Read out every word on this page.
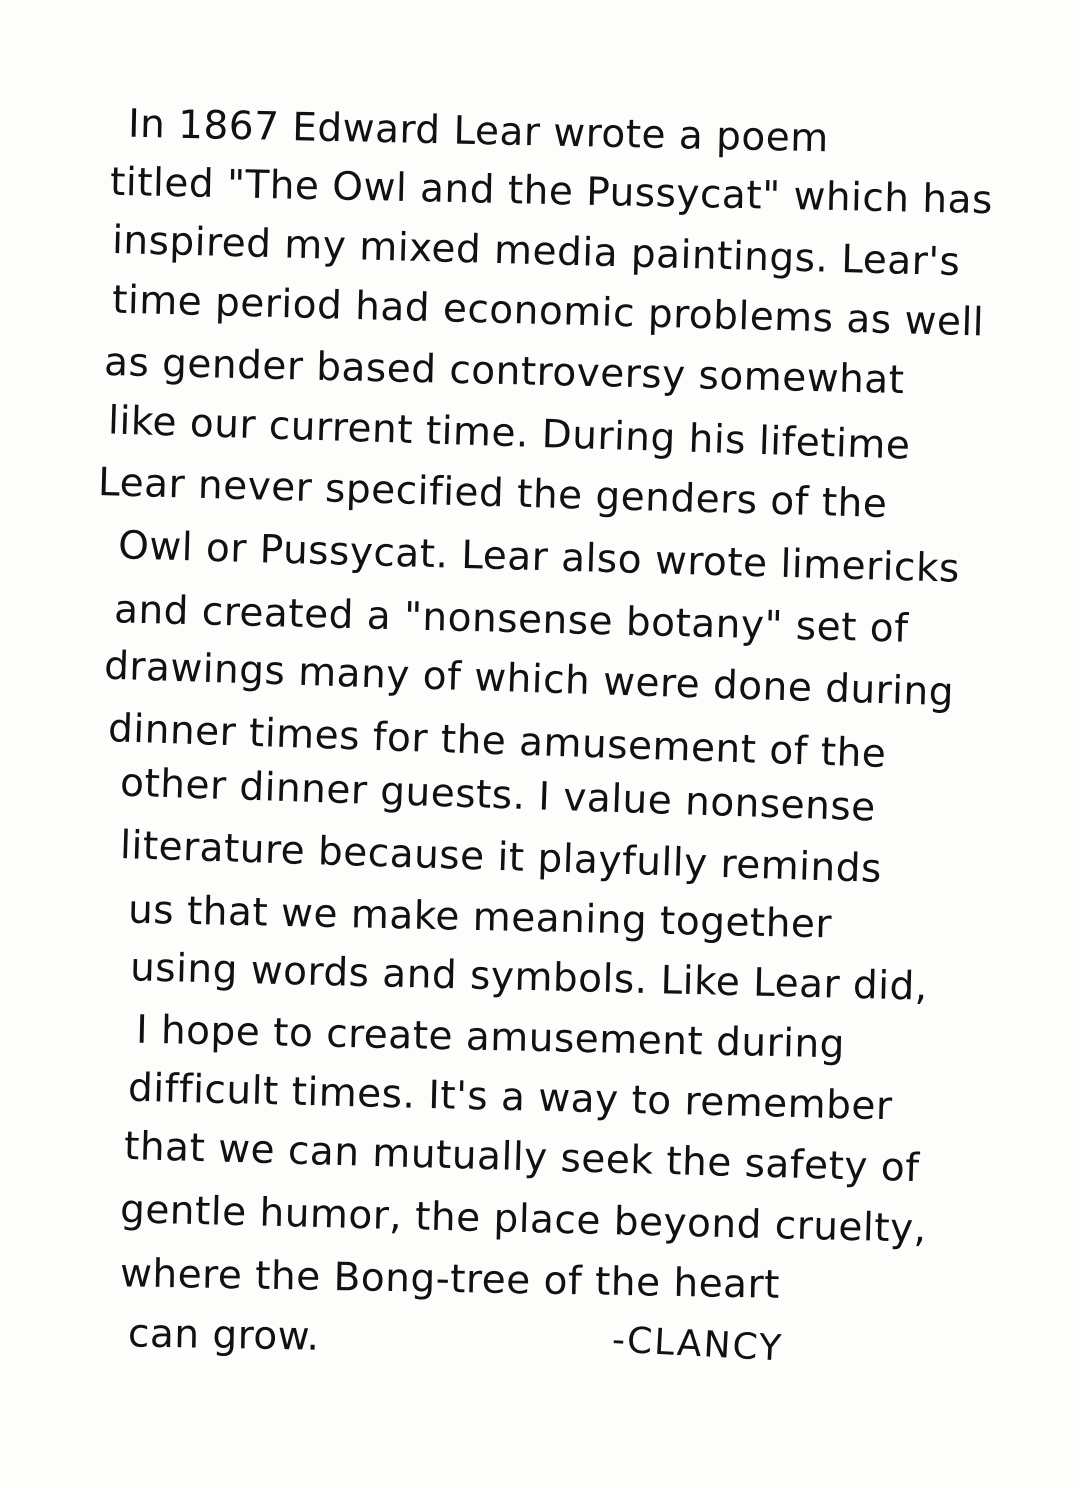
In 1867 Edward Lear wrote a poem
titled "The Owl and the Pussycat" which has
inspired my mixed media paintings. Lear's
time period had economic problems as well
as gender based controversy somewhat
like our current time. During his lifetime
Lear never specified the genders of the
Owl or Pussycat. Lear also wrote limericks
and created a "nonsense botany" set of
drawings many of which were done during
dinner times for the amusement of the
other dinner guests. I value nonsense
literature because it playfully reminds
us that we make meaning together
using words and symbols. Like Lear did,
I hope to create amusement during
difficult times. It's a way to remember
that we can mutually seek the safety of
gentle humor, the place beyond cruelty,
where the Bong-tree of the heart
can grow.	-CLANCY
